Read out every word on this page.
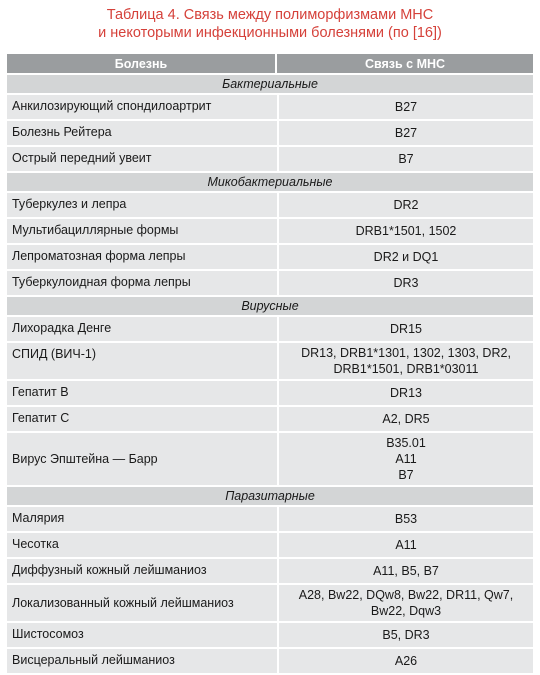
Таблица 4. Связь между полиморфизмами МНС
и некоторыми инфекционными болезнями (по [16])
Болезнь	Связь с МНС
Бактериальные	
Анкилозирующий спондилоартрит	B27

Болезнь Рейтера	B27

Острый передний увеит	B7

Микобактериальные	
Туберкулез и лепра	DR2

Мультибациллярные формы	DRB1*1501, 1502

Лепроматозная форма лепры	DR2 и DQ1

Туберкулоидная форма лепры	DR3

Вирусные	
Лихорадка Денге	DR15

СПИД (ВИЧ-1)	DR13, DRB1*1301, 1302, 1303, DR2,
DRB1*1501, DRB1*03011

Гепатит B	DR13

Гепатит C	A2, DR5

Вирус Эпштейна — Барр	B35.01
A11
B7

Паразитарные	
Малярия	B53

Чесотка	A11

Диффузный кожный лейшманиоз	A11, B5, B7

Локализованный кожный лейшманиоз	A28, Bw22, DQw8, Bw22, DR11, Qw7,
Bw22, Dqw3

Шистосомоз	B5, DR3

Висцеральный лейшманиоз	A26
